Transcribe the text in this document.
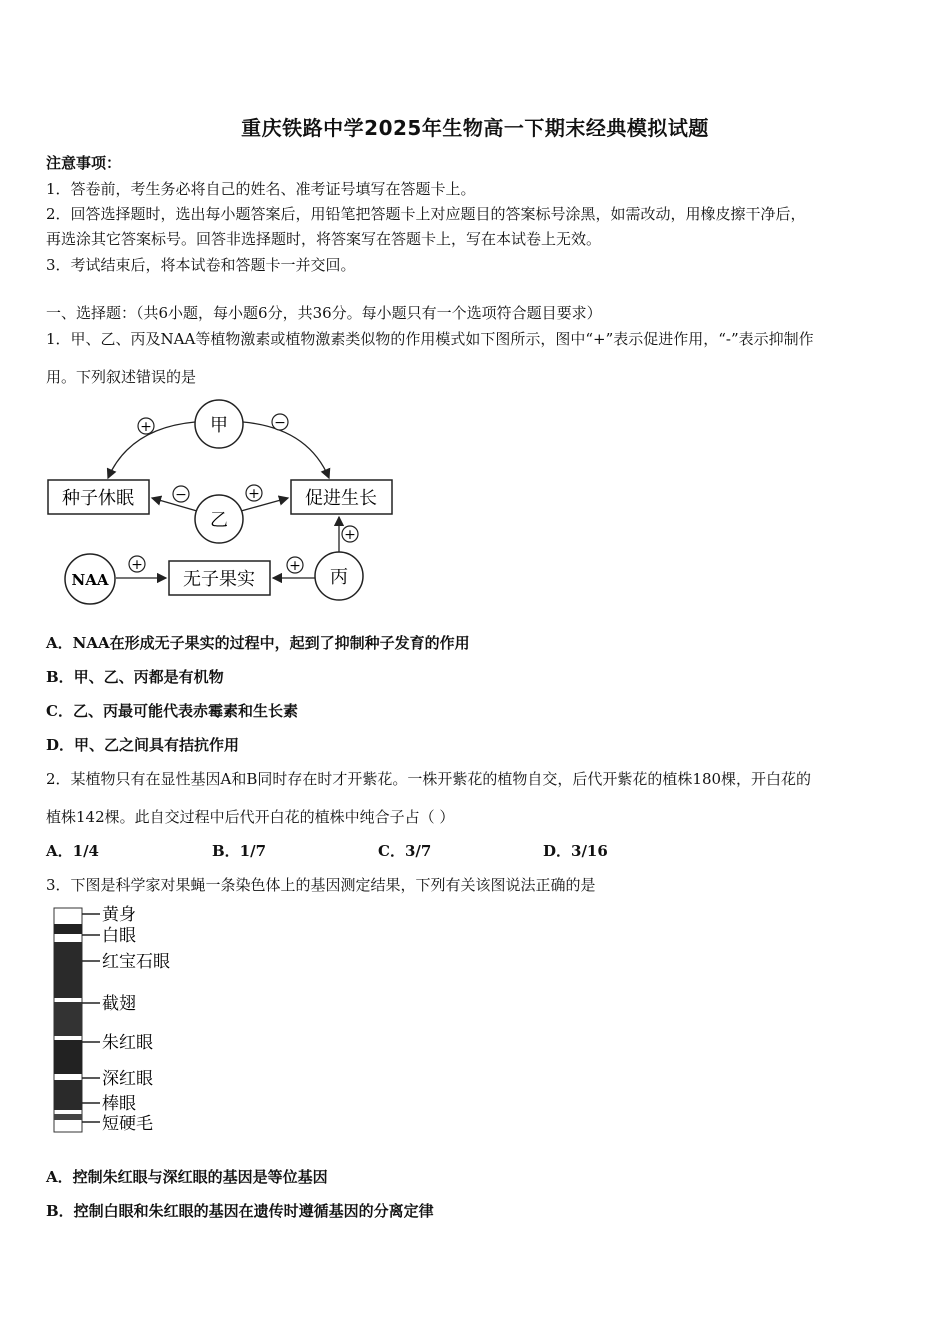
重庆铁路中学2025年生物高一下期末经典模拟试题
注意事项：
1．答卷前，考生务必将自己的姓名、准考证号填写在答题卡上。
2．回答选择题时，选出每小题答案后，用铅笔把答题卡上对应题目的答案标号涂黑，如需改动，用橡皮擦干净后，
再选涂其它答案标号。回答非选择题时，将答案写在答题卡上，写在本试卷上无效。
3．考试结束后，将本试卷和答题卡一并交回。
一、选择题：（共6小题，每小题6分，共36分。每小题只有一个选项符合题目要求）
1．甲、乙、丙及NAA等植物激素或植物激素类似物的作用模式如下图所示，图中“+”表示促进作用，“-”表示抑制作
用。下列叙述错误的是
甲
乙
丙
NAA
种子休眠	促进生长
无子果实
+	−
−	+
+
+
+
A．NAA在形成无子果实的过程中，起到了抑制种子发育的作用
B．甲、乙、丙都是有机物
C．乙、丙最可能代表赤霉素和生长素
D．甲、乙之间具有拮抗作用
2．某植物只有在显性基因A和B同时存在时才开紫花。一株开紫花的植物自交，后代开紫花的植株180棵，开白花的
植株142棵。此自交过程中后代开白花的植株中纯合子占（ ）
A．1/4	B．1/7	C．3/7	D．3/16
3．下图是科学家对果蝇一条染色体上的基因测定结果，下列有关该图说法正确的是
黄身
白眼
红宝石眼
截翅
朱红眼
深红眼
棒眼
短硬毛
A．控制朱红眼与深红眼的基因是等位基因
B．控制白眼和朱红眼的基因在遗传时遵循基因的分离定律
